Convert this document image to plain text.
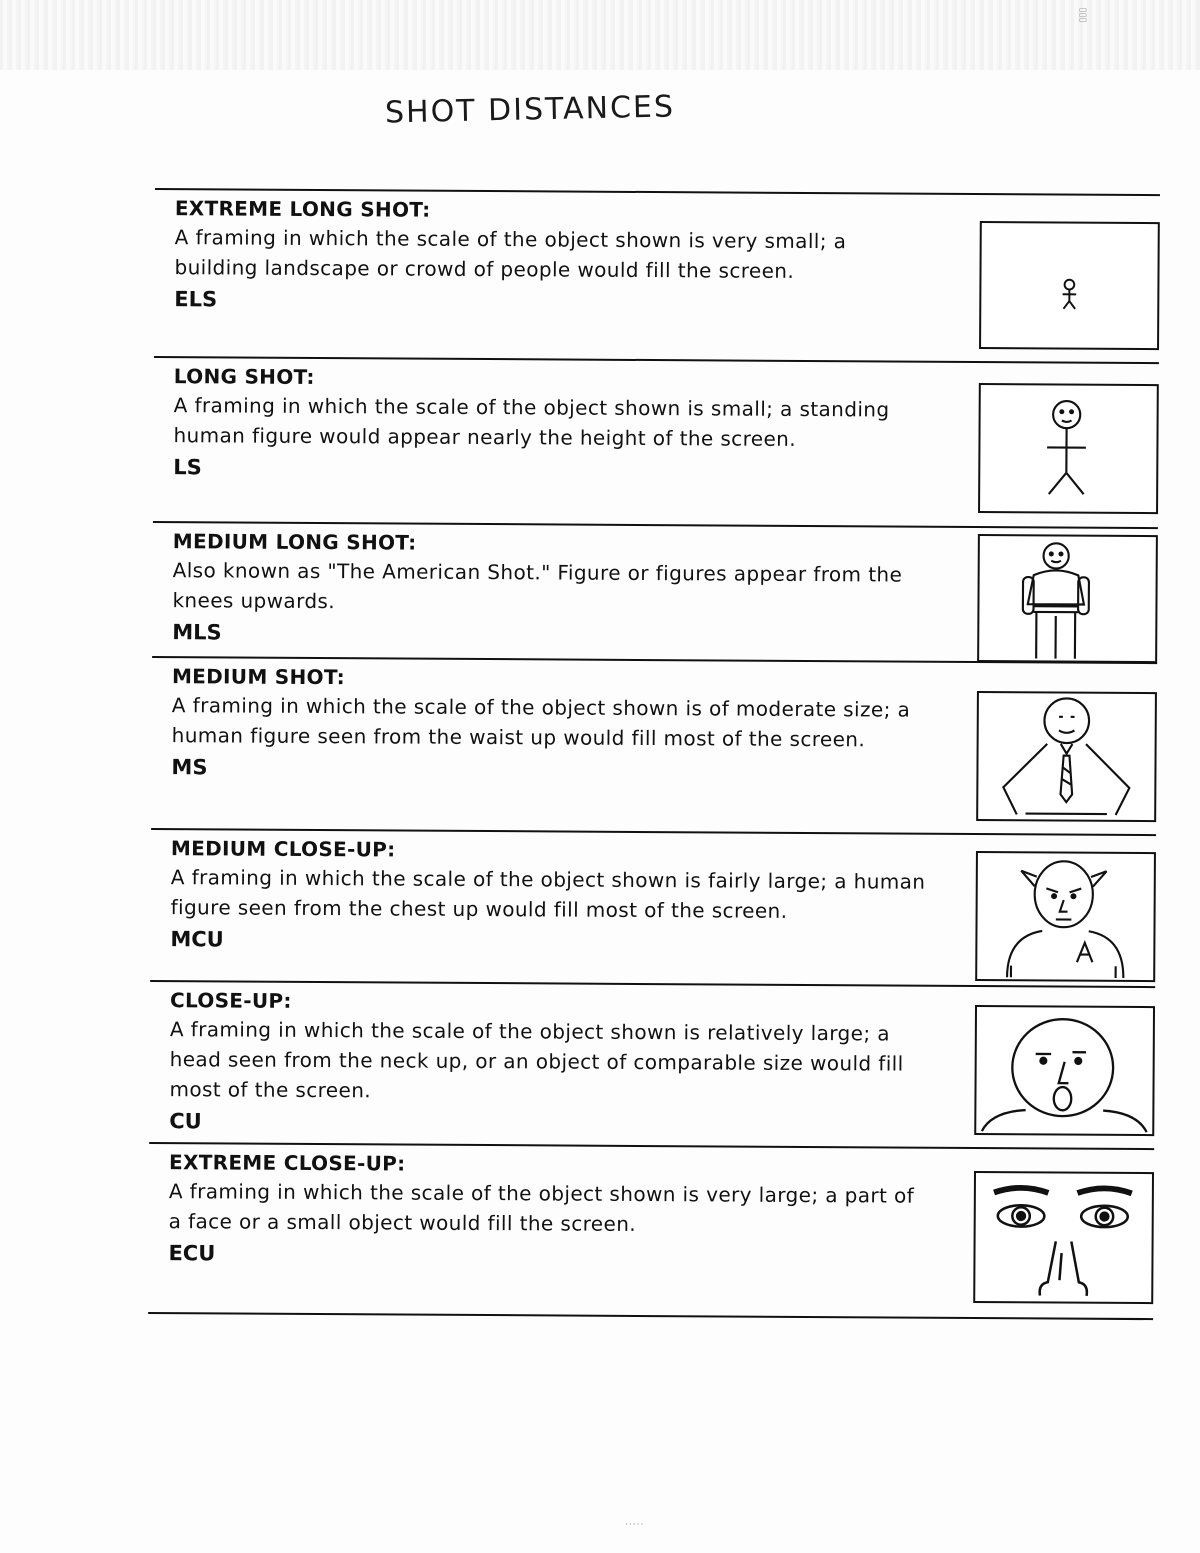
▯▯▯
SHOT DISTANCES
EXTREME LONG SHOT:
A framing in which the scale of the object shown is very small; a building landscape or crowd of people would fill the screen.
ELS
LONG SHOT:
A framing in which the scale of the object shown is small; a standing human figure would appear nearly the height of the screen.
LS
MEDIUM LONG SHOT:
Also known as "The American Shot." Figure or figures appear from the knees upwards.
MLS
MEDIUM SHOT:
A framing in which the scale of the object shown is of moderate size; a human figure seen from the waist up would fill most of the screen.
MS
MEDIUM CLOSE-UP:
A framing in which the scale of the object shown is fairly large; a human figure seen from the chest up would fill most of the screen.
MCU
CLOSE-UP:
A framing in which the scale of the object shown is relatively large; a head seen from the neck up, or an object of comparable size would fill most of the screen.
CU
EXTREME CLOSE-UP:
A framing in which the scale of the object shown is very large; a part of a face or a small object would fill the screen.
ECU
·····
